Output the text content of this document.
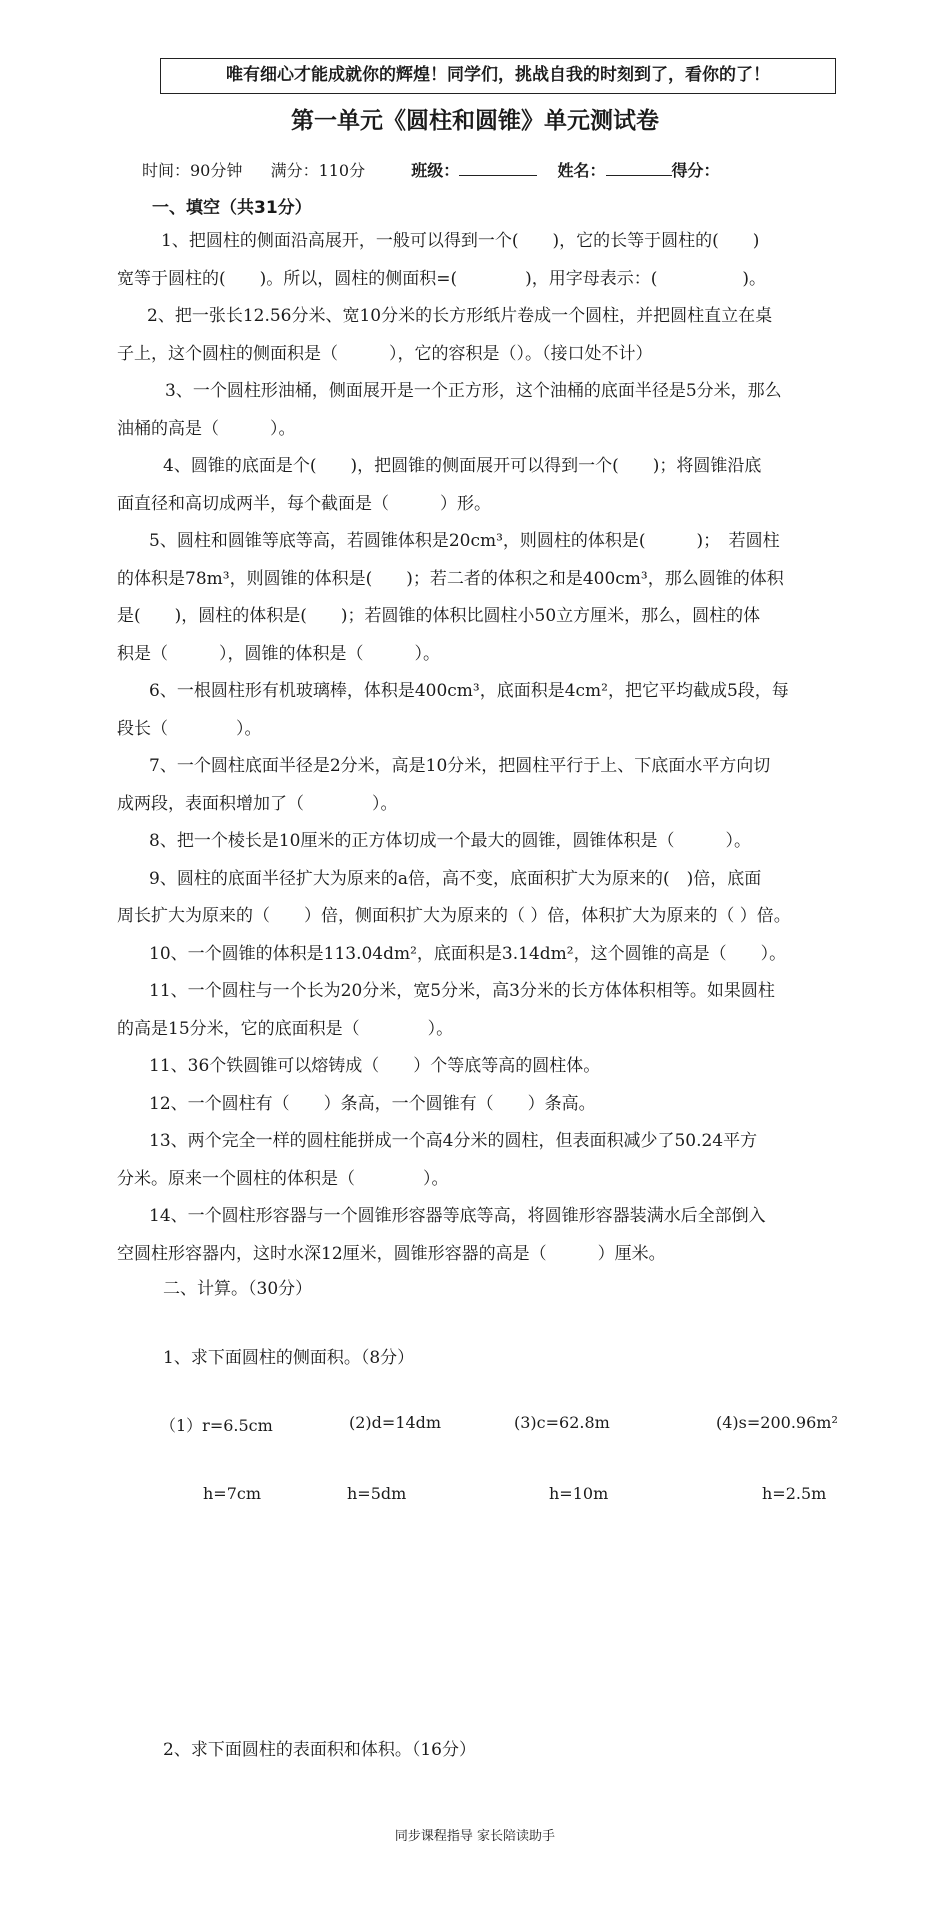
唯有细心才能成就你的辉煌！同学们，挑战自我的时刻到了，看你的了！
第一单元《圆柱和圆锥》单元测试卷
时间：90分钟 满分：110分	班级：	姓名：	得分：
一、填空（共31分）

1、把圆柱的侧面沿高展开，一般可以得到一个(　　)，它的长等于圆柱的(　　)

宽等于圆柱的(　　)。所以，圆柱的侧面积=(　　　　)，用字母表示：(　　　　　)。

2、把一张长12.56分米、宽10分米的长方形纸片卷成一个圆柱，并把圆柱直立在桌

子上，这个圆柱的侧面积是（　　　），它的容积是（）。（接口处不计）

3、一个圆柱形油桶，侧面展开是一个正方形，这个油桶的底面半径是5分米，那么

油桶的高是（　　　）。

4、圆锥的底面是个(　　)，把圆锥的侧面展开可以得到一个(　　)；将圆锥沿底

面直径和高切成两半，每个截面是（　　　）形。

5、圆柱和圆锥等底等高，若圆锥体积是20cm³，则圆柱的体积是(　　　)；　若圆柱

的体积是78m³，则圆锥的体积是(　　)；若二者的体积之和是400cm³，那么圆锥的体积

是(　　)，圆柱的体积是(　　)；若圆锥的体积比圆柱小50立方厘米，那么，圆柱的体

积是（　　　），圆锥的体积是（　　　）。

6、一根圆柱形有机玻璃棒，体积是400cm³，底面积是4cm²，把它平均截成5段，每

段长（　　　　）。

7、一个圆柱底面半径是2分米，高是10分米，把圆柱平行于上、下底面水平方向切

成两段，表面积增加了（　　　　）。

8、把一个棱长是10厘米的正方体切成一个最大的圆锥，圆锥体积是（　　　）。

9、圆柱的底面半径扩大为原来的a倍，高不变，底面积扩大为原来的(　)倍，底面

周长扩大为原来的（　　）倍，侧面积扩大为原来的（ ）倍，体积扩大为原来的（ ）倍。

10、一个圆锥的体积是113.04dm²，底面积是3.14dm²，这个圆锥的高是（　　）。

11、一个圆柱与一个长为20分米，宽5分米，高3分米的长方体体积相等。如果圆柱

的高是15分米，它的底面积是（　　　　）。

11、36个铁圆锥可以熔铸成（　　）个等底等高的圆柱体。

12、一个圆柱有（　　）条高，一个圆锥有（　　）条高。

13、两个完全一样的圆柱能拼成一个高4分米的圆柱，但表面积减少了50.24平方

分米。原来一个圆柱的体积是（　　　　）。

14、一个圆柱形容器与一个圆锥形容器等底等高，将圆锥形容器装满水后全部倒入

空圆柱形容器内，这时水深12厘米，圆锥形容器的高是（　　　）厘米。

二、计算。（30分）
1、求下面圆柱的侧面积。（8分）
（1）r=6.5cm	(2)d=14dm	(3)c=62.8m	(4)s=200.96m²
h=7cm	h=5dm	h=10m	h=2.5m
2、求下面圆柱的表面积和体积。（16分）
同步课程指导 家长陪读助手
